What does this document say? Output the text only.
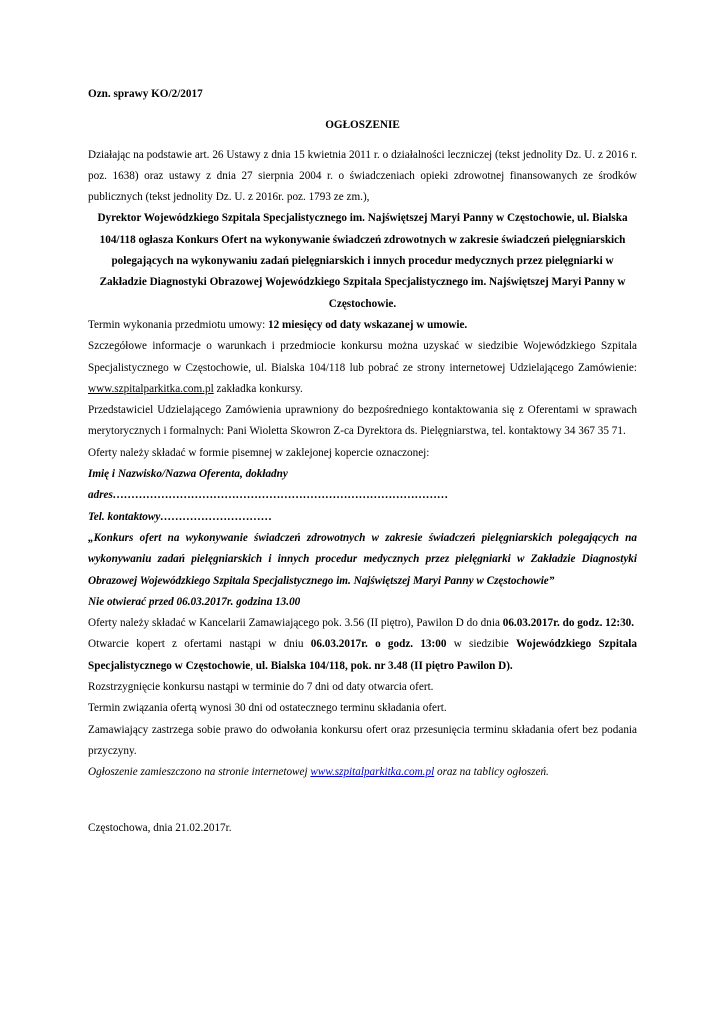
Ozn. sprawy KO/2/2017

OGŁOSZENIE

Działając na podstawie art. 26 Ustawy z dnia 15 kwietnia 2011 r. o działalności leczniczej (tekst jednolity Dz. U. z 2016 r. poz. 1638) oraz ustawy z dnia 27 sierpnia 2004 r. o świadczeniach opieki zdrowotnej finansowanych ze środków publicznych (tekst jednolity Dz. U. z 2016r. poz. 1793 ze zm.),

Dyrektor Wojewódzkiego Szpitala Specjalistycznego im. Najświętszej Maryi Panny w Częstochowie, ul. Bialska 104/118 ogłasza Konkurs Ofert na wykonywanie świadczeń zdrowotnych w zakresie świadczeń pielęgniarskich polegających na wykonywaniu zadań pielęgniarskich i innych procedur medycznych przez pielęgniarki w Zakładzie Diagnostyki Obrazowej Wojewódzkiego Szpitala Specjalistycznego im. Najświętszej Maryi Panny w Częstochowie.

Termin wykonania przedmiotu umowy: 12 miesięcy od daty wskazanej w umowie.

Szczegółowe informacje o warunkach i przedmiocie konkursu można uzyskać w siedzibie Wojewódzkiego Szpitala Specjalistycznego w Częstochowie, ul. Bialska 104/118 lub pobrać ze strony internetowej Udzielającego Zamówienie: www.szpitalparkitka.com.pl zakładka konkursy.

Przedstawiciel Udzielającego Zamówienia uprawniony do bezpośredniego kontaktowania się z Oferentami w sprawach merytorycznych i formalnych: Pani Wioletta Skowron Z-ca Dyrektora ds. Pielęgniarstwa, tel. kontaktowy 34 367 35 71.

Oferty należy składać w formie pisemnej w zaklejonej kopercie oznaczonej:

Imię i Nazwisko/Nazwa Oferenta, dokładny adres………………………………………………………………………………

Tel. kontaktowy…………………………

„Konkurs ofert na wykonywanie świadczeń zdrowotnych w zakresie świadczeń pielęgniarskich polegających na wykonywaniu zadań pielęgniarskich i innych procedur medycznych przez pielęgniarki w Zakładzie Diagnostyki Obrazowej Wojewódzkiego Szpitala Specjalistycznego im. Najświętszej Maryi Panny w Częstochowie”

Nie otwierać przed 06.03.2017r. godzina 13.00

Oferty należy składać w Kancelarii Zamawiającego pok. 3.56 (II piętro), Pawilon D do dnia 06.03.2017r. do godz. 12:30.

Otwarcie kopert z ofertami nastąpi w dniu 06.03.2017r. o godz. 13:00 w siedzibie Wojewódzkiego Szpitala Specjalistycznego w Częstochowie, ul. Bialska 104/118, pok. nr 3.48 (II piętro Pawilon D).

Rozstrzygnięcie konkursu nastąpi w terminie do 7 dni od daty otwarcia ofert.

Termin związania ofertą wynosi 30 dni od ostatecznego terminu składania ofert.

Zamawiający zastrzega sobie prawo do odwołania konkursu ofert oraz przesunięcia terminu składania ofert bez podania przyczyny.

Ogłoszenie zamieszczono na stronie internetowej www.szpitalparkitka.com.pl oraz na tablicy ogłoszeń.

Częstochowa, dnia 21.02.2017r.
